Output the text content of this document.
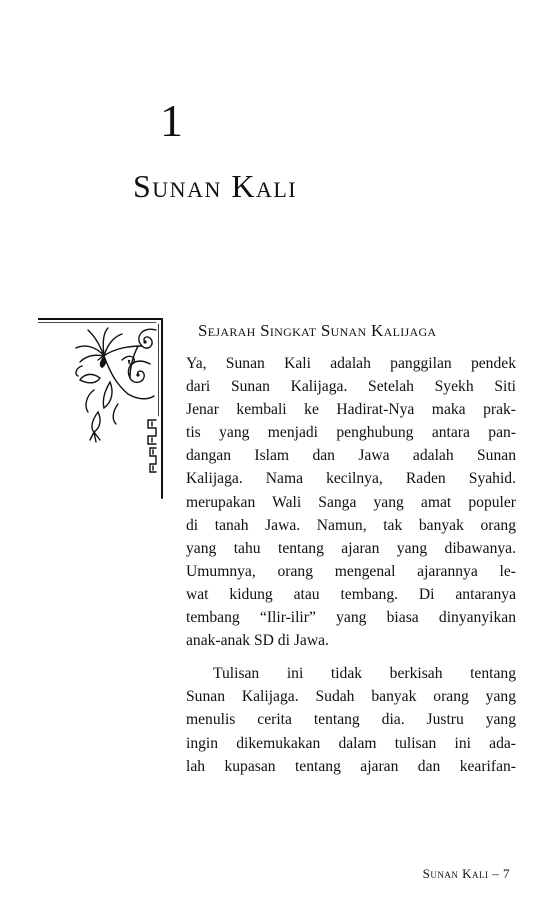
1
Sunan Kali
Sejarah Singkat Sunan Kalijaga
Ya, Sunan Kali adalah panggilan pendek
dari Sunan Kalijaga. Setelah Syekh Siti
Jenar kembali ke Hadirat-Nya maka prak-
tis yang menjadi penghubung antara pan-
dangan Islam dan Jawa adalah Sunan
Kalijaga. Nama kecilnya, Raden Syahid.
merupakan Wali Sanga yang amat populer
di tanah Jawa. Namun, tak banyak orang
yang tahu tentang ajaran yang dibawanya.
Umumnya, orang mengenal ajarannya le-
wat kidung atau tembang. Di antaranya
tembang “Ilir-ilir” yang biasa dinyanyikan
anak-anak SD di Jawa.
Tulisan ini tidak berkisah tentang
Sunan Kalijaga. Sudah banyak orang yang
menulis cerita tentang dia. Justru yang
ingin dikemukakan dalam tulisan ini ada-
lah kupasan tentang ajaran dan kearifan-
Sunan Kali – 7
